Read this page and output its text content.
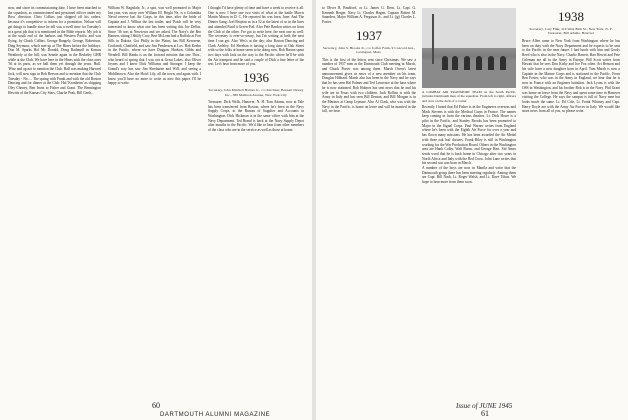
now, and since its commissioning date, I have been attached to the squadron, as commissioned and personnel officer under my Boss' direction. Chris Collins just shipped off his orders, because it's competitive to inform for a promotion. Nelson will get things to handle since he tell was a swell time for Tuesday's in a great job that it is mentioned in the Bible reports. My job is at the south end of the harbors and Western Pacific and was flying, by Chuck Collins, George Rangely, George, Robertson, Ding Seymour, which met up at The Hines before the holidays. Don M. Sparks Hol Mc Donald, Doug Rathmell in Kansas Weatherly at the hill, was Seattle again in the Berkeley GHR while at the Club. We have here in the Hines with the class ones '36 at its parts, as we hall them yet through the years. Hull. 'Wise and up not to mention the Club. Hall was making Harvard Jack, will now sign in Bob Beeson and to mention that the Club Tuesday - No. ... The spring with Frank and with the old Boston Dancing and for dinner at the Club. Hal 'Kronheim' as shipping Oley Cheney, Ben Irwin to Fisher and Grant. The Bennington Hewitts of the Kansas City Stars, Charlie Peak, Bill Gerth...

William W. Ragsdale, Jr., a spot, was well promoted to Major last year, was away over William III. Bright Ne. is a Columbia Naval reserve last Air Corps, in this time, after the bride of Captain and J. Wilbur the last trailer, and 'Patch will be very interested to know what one has been writing this Joe Dellas. Since '36 was at Newtown and we asked, The Navy's the Bro Hansen, sitting I Shiffy Cory, Bert McLean had a Buffalo at Fort Sills in Dakota. Got Philly in the Plains, has Bill Kerosene, Cortlandt, Chatfield, and saw Jim Pendersen at Los. Bob Keehn in the Pacific, where we have Duggan, Hudson, Gibbs and Wendell. Bill Hanks is an the forward mission that one Thos., who heard of spring that I was out at Great Lakes, also Oliver Joynes and I knew Dick Williams and Stronger. I keep the Grand's way has saw Jim Sherburne and Will, and seeing a Middletown. Also the Hotel Lily, all the town, and again with. I know you'll have no more to write us now this paper. I'll be happy to write.

I thought I'd have plenty of time and have a week to receive it all. One is now I have one two visits of what at the battle Morris Martin Mason in D. C. He reported his was born, June. And The Dinner Gang: Joel Brayton as in a 52 at the latest of so in the lines and attended Fund it Green-Pod. Also Pete Bardon writes on from the Club of the other. I've got to write here, the next one as well. The secretary is ever-so-weary, but I'm writing at both the next time I can get. Also Wes's at the day; also Boston Dancing and Clark Ardsley. Ed Sheehan is having a long time at Oak Street with so the folks at home seem to be doing now. Bob Barton spent two days with Jack on the way to the Pacific where he'll be with the Air transport and he said a couple of Dick a fine letter of the rest. Let's hear from more of you.

1936
Secretary, John Mitchell Barnes Jr., c/o Kirchner, Bennett Dewey Inc., 380 Madison Avenue, New York City

Treasurer, Dick Wells, Hanover, N. H. Tom Adams, now at Yale has been transferred from Boston, where he's been in the Navy Supply Corps, to the Bureau of Supplies and Accounts in Washington. Dick Hickman is in the same office with him at the Navy Department. Ted Brand is back at the Navy Supply Depot after months in the Pacific. We'd like to hear from other members of the class who are in the service as well as those at home.

60
DARTMOUTH ALUMNI MAGAZINE

to Oliver B. Bradford, or Lt. James G. Dern, Lt. Capt. G. Kenneth Berger, Navy Lt. Charles Hagen, Captain Robert M. Saunders, Major William A. Ferguson Jr., and Lt. (jg) Charles L. Foster.

1937
Secretary, John S. Brooks Jr., c/o Coffer Farm, 9 Concord Ave., Lexington, Mass.

This is the first of the letters sent since Christmas. We saw a number of 1937 men at the Dartmouth Club meeting in March, and Chuck Porter was among them. Marsh Owen's latest announcement gives us news of a new member on his team, Douglas Hibbard. Marsh also has been in the Navy and he says that he has seen Hal Palmer and Ted Lawrence at the base where he is now stationed. Bob Holmes has sent news that he and his wife are in Texas with two children. Jack Rollins is with the Army in Italy and has seen Bill Denton, and Bill Morgan is in the Marines at Camp Lejeune. Also Al Clark, who was with the Navy in the Pacific, is home on leave and will be married in the fall, we hear.

A COMBAT AIR TRANSPORT TEAM on the South Pacific, includes Dartmouth men of the squadron. From left to right, officers and crew on the deck of a carrier.

Recently I heard that Ed Fisher is in the Engineers overseas and Mack Stevens is with the Medical Corps in France. The names keep coming in from the various theatres. Lt. Dick Howe is a pilot in the Pacific, and Stanley Brooks has been promoted to Major in the Signal Corps. Paul Warner writes from England where he's been with the Eighth Air Force for over a year and has flown many missions. He has been awarded the Air Medal with three oak leaf clusters. Frank Riley is still in Washington working for the War Production Board. Others in the Washington area are Hank Colby, Walt Burns, and George Hart. Sid Ames sends word that he is back home in Chicago after two years in North Africa and Italy with the Red Cross. John Lane writes that his second son was born in March.

A number of the boys are now in Manila and write that the Dartmouth group there has been meeting regularly. Among them are Capt. Bill Nash, Lt. Roger Walsh, and Lt. Dave Tilton. We hope to hear more from them soon.

1938
Secretary, Cary Fink, 219 West 80th St., New York, N. Y. Treasurer, Bill Adams, Hanover

Bruce Allen came to New York from Washington where he has been on duty with the Navy Department and he expects to be sent to the Pacific in the near future. I had lunch with him and Gordy Reed who is also in the Navy. Charlie Barrett, Bart Hewitt and Pete Coleman are all in the Army in Europe. Bill Scott writes from Hawaii that he sees Don Kirby and Joe Fox often. Art Benson and his wife have a new daughter born in April. Tom Marsh is now a Captain in the Marine Corps and is stationed in the Pacific. From Ben Foster, who was in the Army in England, we hear that he is now in France with an Engineer battalion. Jack Lyons is with the OSS in Washington, and his brother Bob is in the Navy. Phil Grant was home on leave from the Navy and spent some time in Hanover visiting the College. He says the campus is full of Navy men but looks much the same. Lt. Ed Cole, Lt. Frank Whitney and Capt. Harry Doyle are with the Army Air Forces in Italy. We would like more news from all of you, so please write.

Issue of JUNE 1945
61
